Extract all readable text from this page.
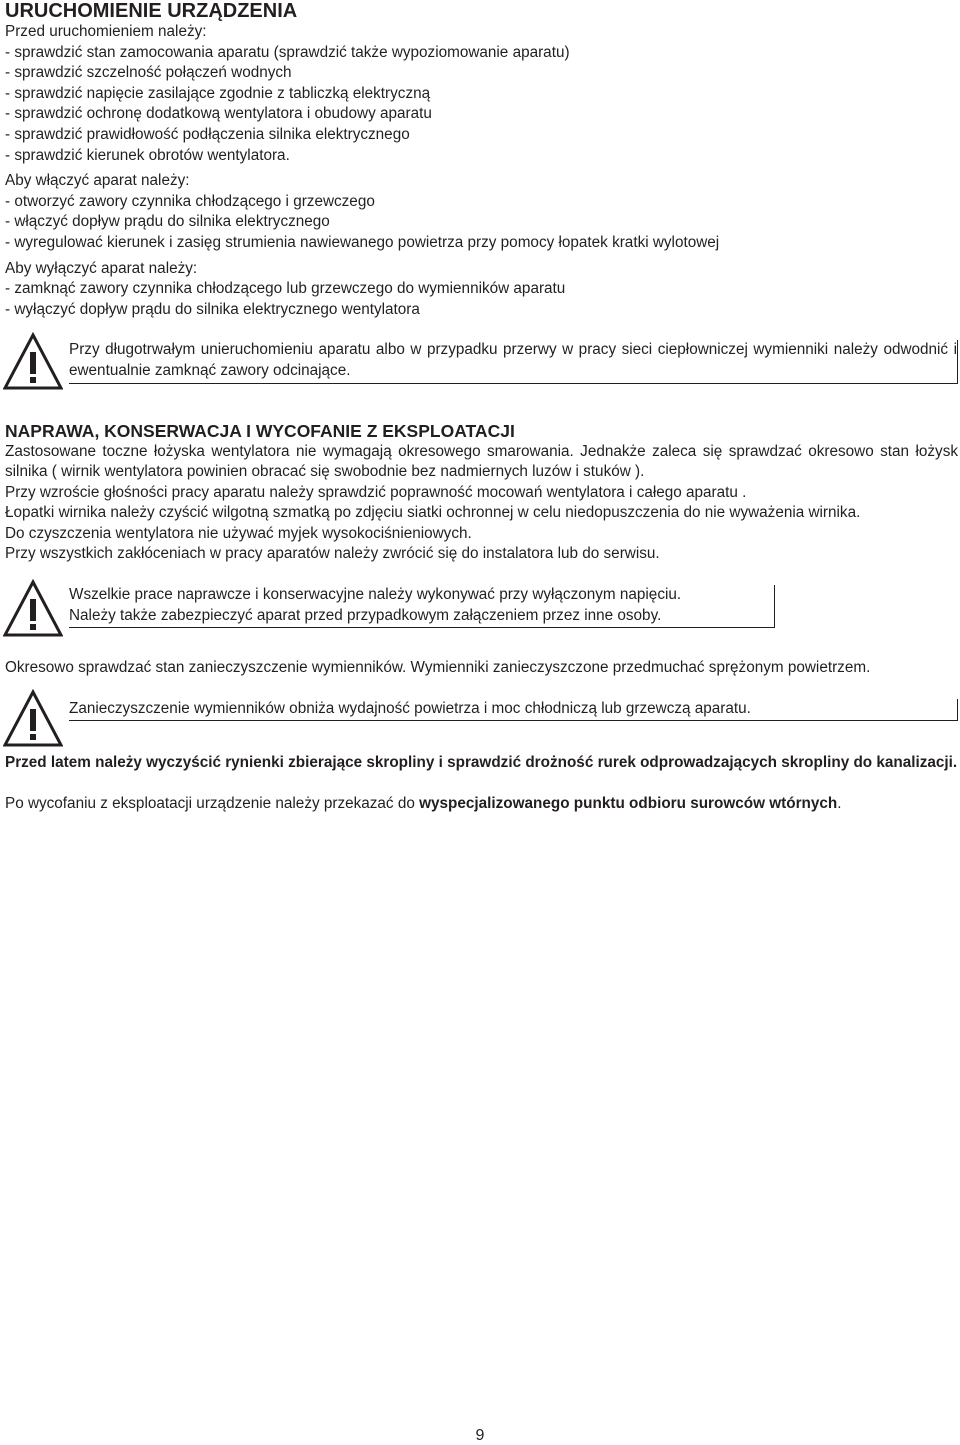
URUCHOMIENIE URZĄDZENIA
Przed uruchomieniem należy:
- sprawdzić stan zamocowania aparatu (sprawdzić także wypoziomowanie aparatu)
- sprawdzić szczelność połączeń wodnych
- sprawdzić napięcie zasilające zgodnie z tabliczką elektryczną
- sprawdzić ochronę dodatkową wentylatora i obudowy aparatu
- sprawdzić prawidłowość podłączenia silnika elektrycznego
- sprawdzić kierunek obrotów wentylatora.
Aby włączyć aparat należy:
- otworzyć zawory czynnika chłodzącego i grzewczego
- włączyć dopływ prądu do silnika elektrycznego
- wyregulować kierunek i zasięg strumienia nawiewanego powietrza przy pomocy łopatek kratki wylotowej
Aby wyłączyć aparat należy:
- zamknąć zawory czynnika chłodzącego lub grzewczego do wymienników aparatu
- wyłączyć dopływ prądu do silnika elektrycznego wentylatora
Przy długotrwałym unieruchomieniu aparatu albo w przypadku przerwy w pracy sieci ciepłowniczej wymienniki należy odwodnić i ewentualnie zamknąć zawory odcinające.
NAPRAWA, KONSERWACJA I WYCOFANIE Z EKSPLOATACJI
Zastosowane toczne łożyska wentylatora nie wymagają okresowego smarowania. Jednakże zaleca się sprawdzać okresowo stan łożysk silnika ( wirnik wentylatora powinien obracać się swobodnie bez nadmiernych luzów i stuków ).
Przy wzroście głośności pracy aparatu należy sprawdzić poprawność mocowań wentylatora i całego aparatu .
Łopatki wirnika należy czyścić wilgotną szmatką po zdjęciu siatki ochronnej w celu niedopuszczenia do nie wyważenia wirnika.
Do czyszczenia wentylatora nie używać myjek wysokociśnieniowych.
Przy wszystkich zakłóceniach w pracy aparatów należy zwrócić się do instalatora lub do serwisu.
Wszelkie prace naprawcze i konserwacyjne należy wykonywać przy wyłączonym napięciu.
Należy także zabezpieczyć aparat przed przypadkowym załączeniem przez inne osoby.
Okresowo sprawdzać stan zanieczyszczenie wymienników. Wymienniki zanieczyszczone przedmuchać sprężonym powietrzem.
Zanieczyszczenie wymienników obniża wydajność powietrza i moc chłodniczą lub grzewczą aparatu.
Przed latem należy wyczyścić rynienki zbierające skropliny i sprawdzić drożność rurek odprowadzających skropliny do kanalizacji.
Po wycofaniu z eksploatacji urządzenie należy przekazać do wyspecjalizowanego punktu odbioru surowców wtórnych.
9
